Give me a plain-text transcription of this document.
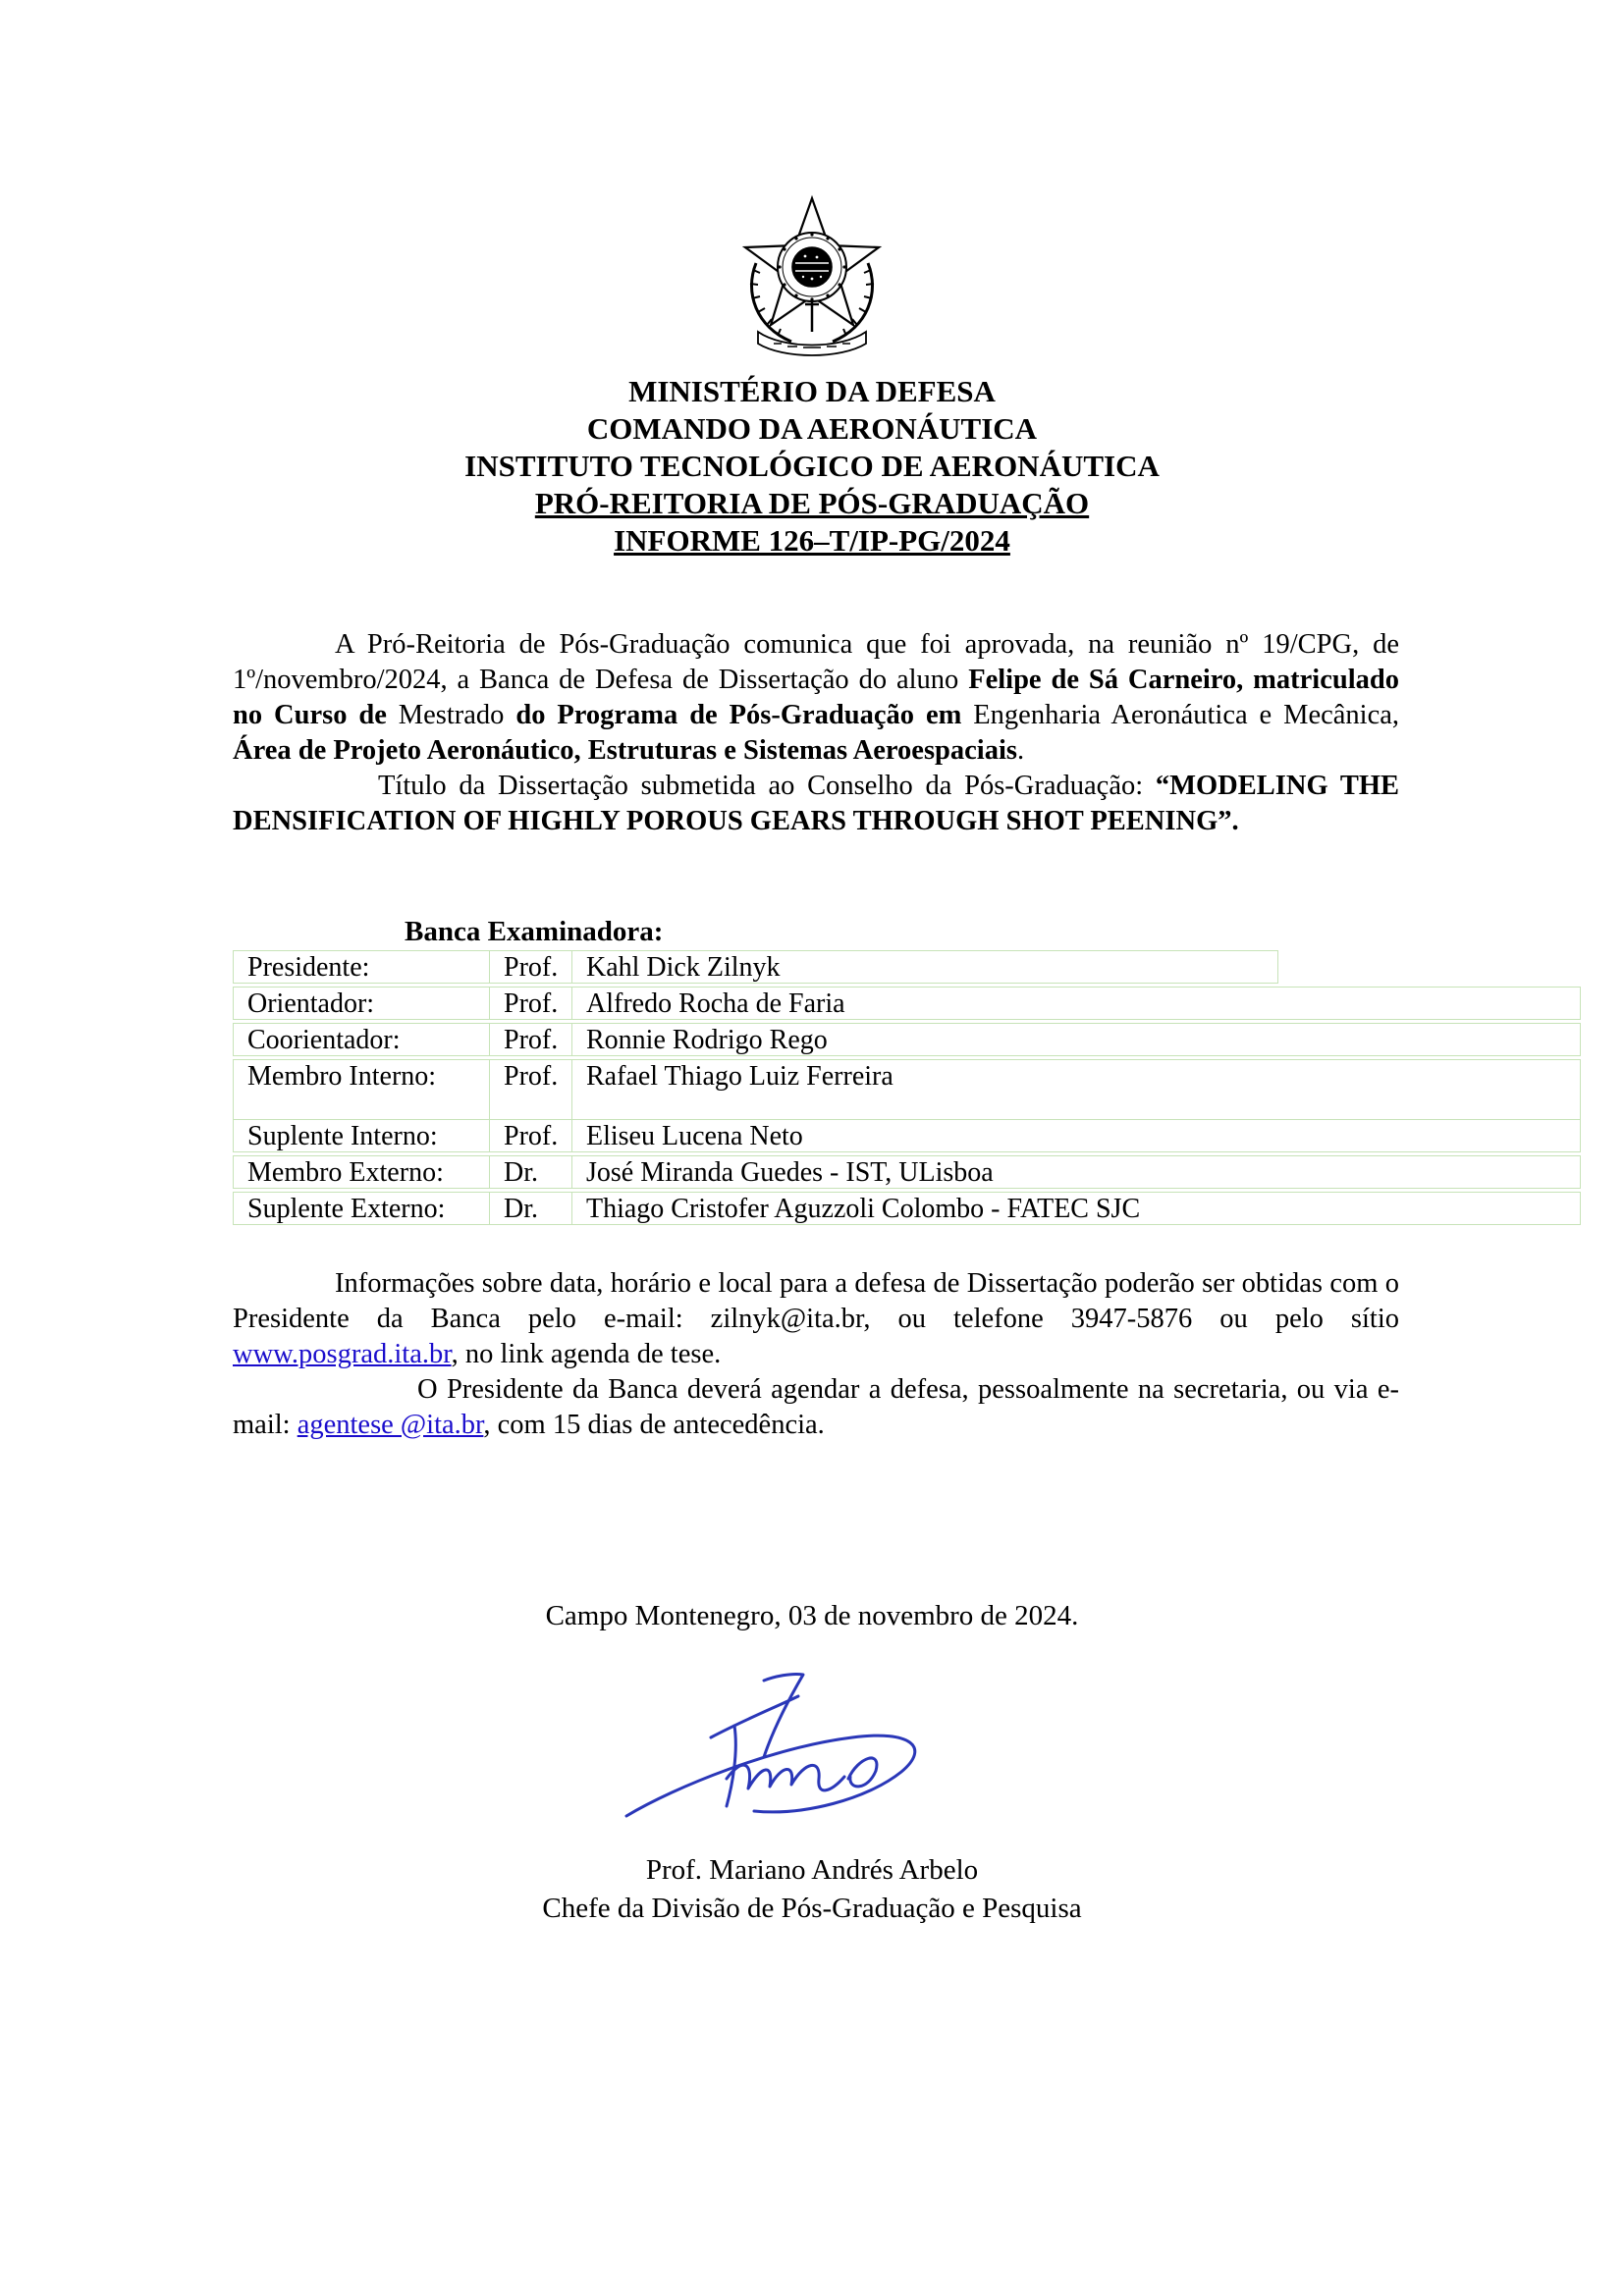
MINISTÉRIO DA DEFESA
COMANDO DA AERONÁUTICA
INSTITUTO TECNOLÓGICO DE AERONÁUTICA
PRÓ-REITORIA DE PÓS-GRADUAÇÃO
INFORME 126–T/IP-PG/2024

A Pró-Reitoria de Pós-Graduação comunica que foi aprovada, na reunião nº 19/CPG, de 1º/novembro/2024, a Banca de Defesa de Dissertação do aluno Felipe de Sá Carneiro, matriculado no Curso de Mestrado do Programa de Pós-Graduação em Engenharia Aeronáutica e Mecânica, Área de Projeto Aeronáutico, Estruturas e Sistemas Aeroespaciais.

Título da Dissertação submetida ao Conselho da Pós-Graduação: “MODELING THE DENSIFICATION OF HIGHLY POROUS GEARS THROUGH SHOT PEENING”.

Banca Examinadora:
Presidente:	Prof.	Kahl Dick Zilnyk
Orientador:	Prof.	Alfredo Rocha de Faria
Coorientador:	Prof.	Ronnie Rodrigo Rego
Membro Interno:	Prof.	Rafael Thiago Luiz Ferreira
Suplente Interno:	Prof.	Eliseu Lucena Neto
Membro Externo:	Dr.	José Miranda Guedes - IST, ULisboa
Suplente Externo:	Dr.	Thiago Cristofer Aguzzoli Colombo - FATEC SJC

Informações sobre data, horário e local para a defesa de Dissertação poderão ser obtidas com o Presidente da Banca pelo e-mail: zilnyk@ita.br, ou telefone 3947-5876 ou pelo sítio www.posgrad.ita.br, no link agenda de tese.

O Presidente da Banca deverá agendar a defesa, pessoalmente na secretaria, ou via e-mail: agentese @ita.br, com 15 dias de antecedência.

Campo Montenegro, 03 de novembro de 2024.
Prof. Mariano Andrés Arbelo
Chefe da Divisão de Pós-Graduação e Pesquisa
